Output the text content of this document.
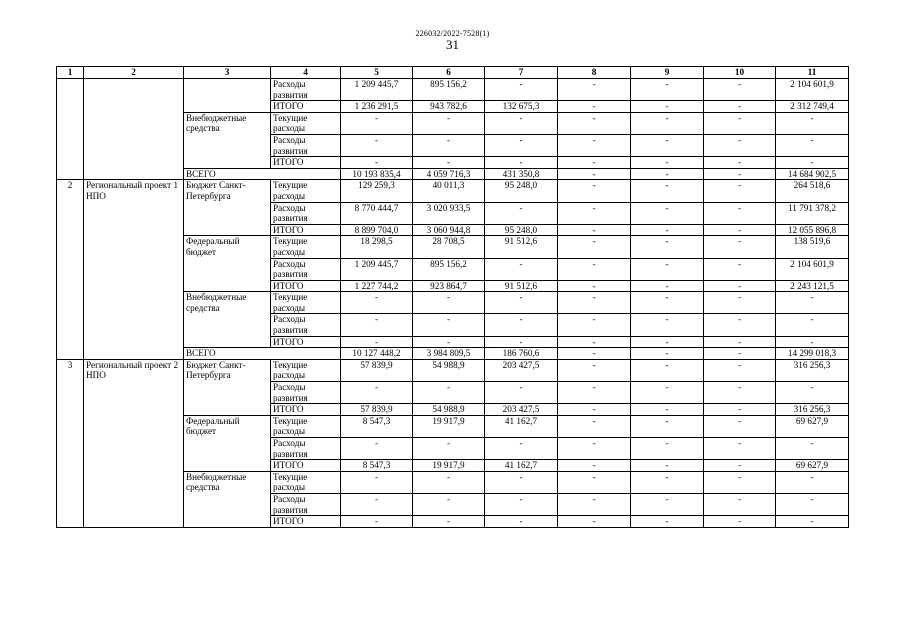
226032/2022-7528(1)
31
1	2	3	4	5	6	7	8	9	10	11
			Расходы развития	1 209 445,7	895 156,2	-	-	-	-	2 104 601,9
			ИТОГО	1 236 291,5	943 782,6	132 675,3	-	-	-	2 312 749,4
		Внебюджетные средства	Текущие расходы	-	-	-	-	-	-	-
			Расходы развития	-	-	-	-	-	-	-
			ИТОГО	-	-	-	-	-	-	-
		ВСЕГО		10 193 835,4	4 059 716,3	431 350,8	-	-	-	14 684 902,5
2	Региональный проект 1 НПО	Бюджет Санкт-Петербурга	Текущие расходы	129 259,3	40 011,3	95 248,0	-	-	-	264 518,6
			Расходы развития	8 770 444,7	3 020 933,5	-	-	-	-	11 791 378,2
			ИТОГО	8 899 704,0	3 060 944,8	95 248,0	-	-	-	12 055 896,8
		Федеральный бюджет	Текущие расходы	18 298,5	28 708,5	91 512,6	-	-	-	138 519,6
			Расходы развития	1 209 445,7	895 156,2	-	-	-	-	2 104 601,9
			ИТОГО	1 227 744,2	923 864,7	91 512,6	-	-	-	2 243 121,5
		Внебюджетные средства	Текущие расходы	-	-	-	-	-	-	-
			Расходы развития	-	-	-	-	-	-	-
			ИТОГО	-	-	-	-	-	-	-
		ВСЕГО		10 127 448,2	3 984 809,5	186 760,6	-	-	-	14 299 018,3
3	Региональный проект 2 НПО	Бюджет Санкт-Петербурга	Текущие расходы	57 839,9	54 988,9	203 427,5	-	-	-	316 256,3
			Расходы развития	-	-	-	-	-	-	-
			ИТОГО	57 839,9	54 988,9	203 427,5	-	-	-	316 256,3
		Федеральный бюджет	Текущие расходы	8 547,3	19 917,9	41 162,7	-	-	-	69 627,9
			Расходы развития	-	-	-	-	-	-	-
			ИТОГО	8 547,3	19 917,9	41 162,7	-	-	-	69 627,9
		Внебюджетные средства	Текущие расходы	-	-	-	-	-	-	-
			Расходы развития	-	-	-	-	-	-	-
			ИТОГО	-	-	-	-	-	-	-
